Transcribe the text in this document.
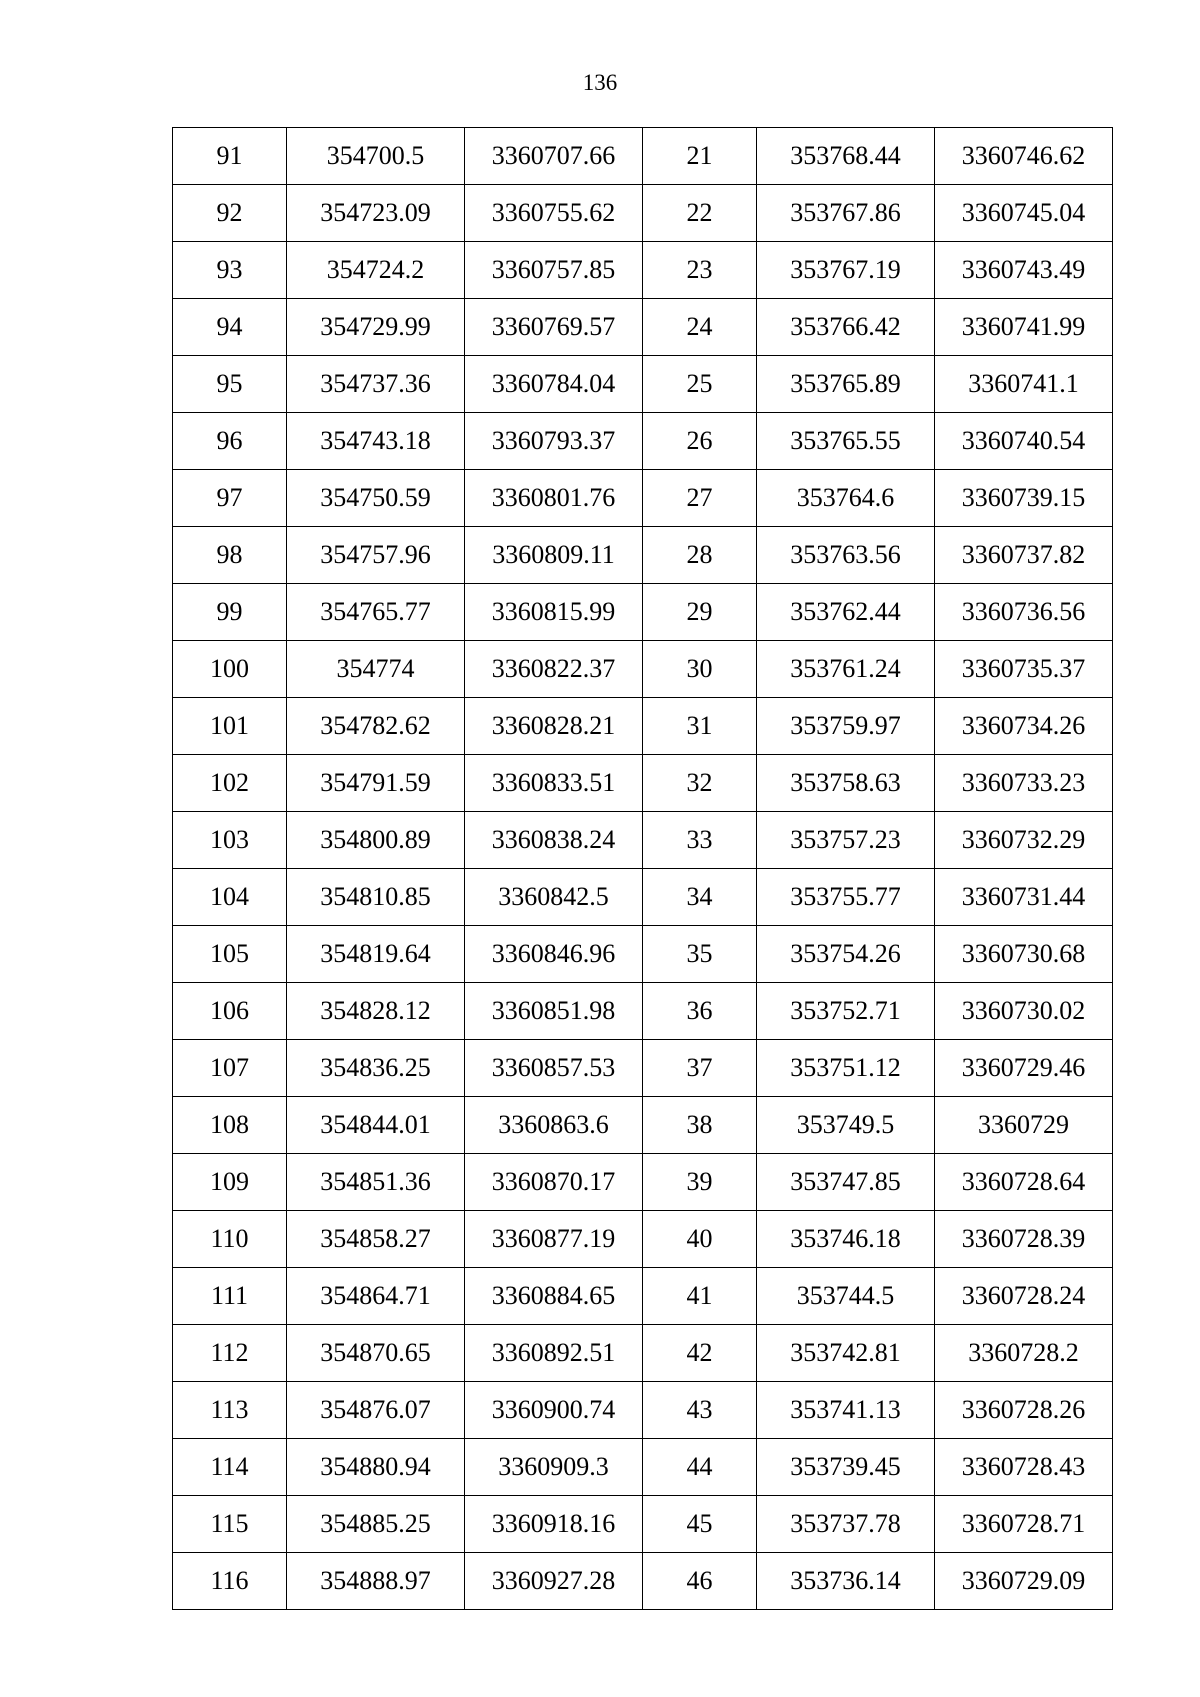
136
91	354700.5	3360707.66	21	353768.44	3360746.62
92	354723.09	3360755.62	22	353767.86	3360745.04
93	354724.2	3360757.85	23	353767.19	3360743.49
94	354729.99	3360769.57	24	353766.42	3360741.99
95	354737.36	3360784.04	25	353765.89	3360741.1
96	354743.18	3360793.37	26	353765.55	3360740.54
97	354750.59	3360801.76	27	353764.6	3360739.15
98	354757.96	3360809.11	28	353763.56	3360737.82
99	354765.77	3360815.99	29	353762.44	3360736.56
100	354774	3360822.37	30	353761.24	3360735.37
101	354782.62	3360828.21	31	353759.97	3360734.26
102	354791.59	3360833.51	32	353758.63	3360733.23
103	354800.89	3360838.24	33	353757.23	3360732.29
104	354810.85	3360842.5	34	353755.77	3360731.44
105	354819.64	3360846.96	35	353754.26	3360730.68
106	354828.12	3360851.98	36	353752.71	3360730.02
107	354836.25	3360857.53	37	353751.12	3360729.46
108	354844.01	3360863.6	38	353749.5	3360729
109	354851.36	3360870.17	39	353747.85	3360728.64
110	354858.27	3360877.19	40	353746.18	3360728.39
111	354864.71	3360884.65	41	353744.5	3360728.24
112	354870.65	3360892.51	42	353742.81	3360728.2
113	354876.07	3360900.74	43	353741.13	3360728.26
114	354880.94	3360909.3	44	353739.45	3360728.43
115	354885.25	3360918.16	45	353737.78	3360728.71
116	354888.97	3360927.28	46	353736.14	3360729.09
